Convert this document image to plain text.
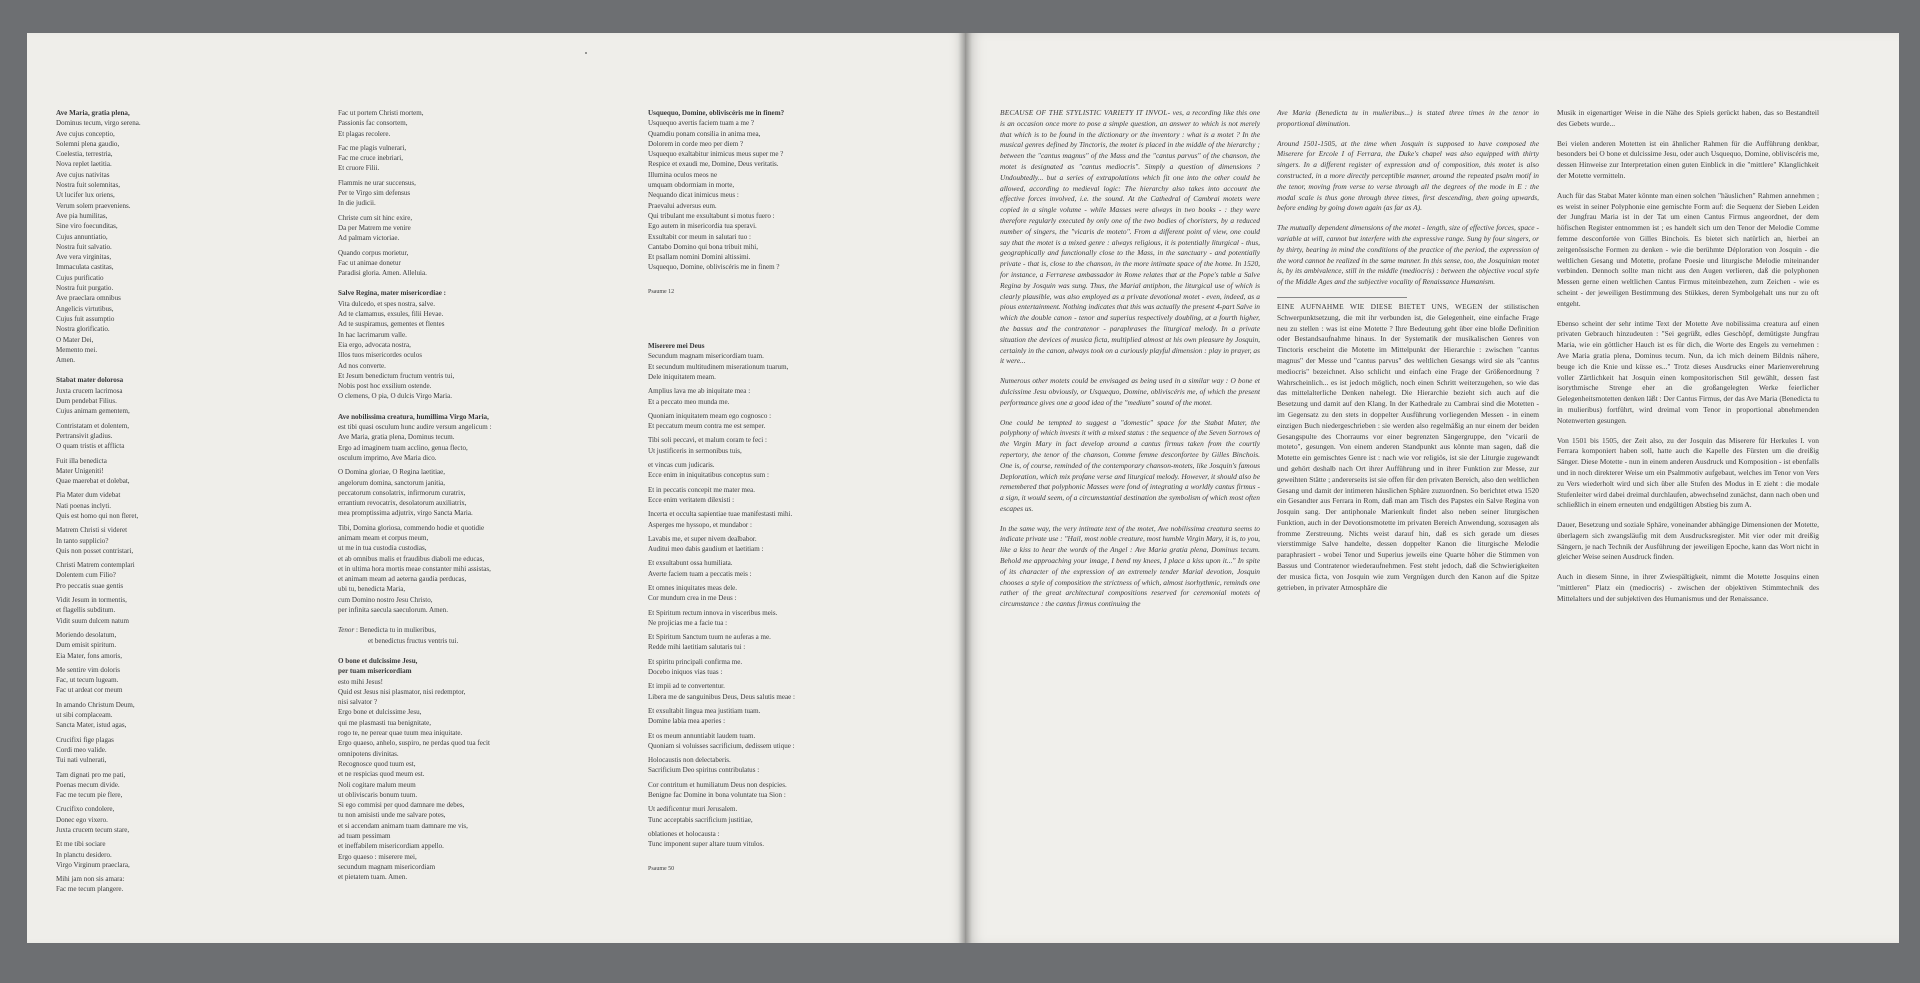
Ave Maria, gratia plena,

Dominus tecum, virgo serena.

Ave cujus conceptio,

Solemni plena gaudio,

Coelestia, terrestria,

Nova replet laetitia.

Ave cujus nativitas

Nostra fuit solemnitas,

Ut lucifer lux oriens,

Verum solem praeveniens.

Ave pia humilitas,

Sine viro foecunditas,

Cujus annuntiatio,

Nostra fuit salvatio.

Ave vera virginitas,

Immaculata castitas,

Cujus purificatio

Nostra fuit purgatio.

Ave praeclara omnibus

Angelicis virtutibus,

Cujus fuit assumptio

Nostra glorificatio.

O Mater Dei,

Memento mei.

Amen.

Stabat mater dolorosa

Juxta crucem lacrimosa

Dum pendebat Filius.

Cujus animam gementem,

Contristatam et dolentem,

Pertransivit gladius.

O quam tristis et afflicta

Fuit illa benedicta

Mater Unigeniti!

Quae maerebat et dolebat,

Pia Mater dum videbat

Nati poenas inclyti.

Quis est homo qui non fleret,

Matrem Christi si videret

In tanto supplicio?

Quis non posset contristari,

Christi Matrem contemplari

Dolentem cum Filio?

Pro peccatis suae gentis

Vidit Jesum in tormentis,

et flagellis subditum.

Vidit suum dulcem natum

Moriendo desolatum,

Dum emisit spiritum.

Eia Mater, fons amoris,

Me sentire vim doloris

Fac, ut tecum lugeam.

Fac ut ardeat cor meum

In amando Christum Deum,

ut sibi complaceam.

Sancta Mater, istud agas,

Crucifixi fige plagas

Cordi meo valide.

Tui nati vulnerati,

Tam dignati pro me pati,

Poenas mecum divide.

Fac me tecum pie flere,

Crucifixo condolere,

Donec ego vixero.

Juxta crucem tecum stare,

Et me tibi sociare

In planctu desidero.

Virgo Virginum praeclara,

Mihi jam non sis amara:

Fac me tecum plangere.

Fac ut portem Christi mortem,

Passionis fac consortem,

Et plagas recolere.

Fac me plagis vulnerari,

Fac me cruce inebriari,

Et cruore Filii.

Flammis ne urar succensus,

Per te Virgo sim defensus

In die judicii.

Christe cum sit hinc exire,

Da per Matrem me venire

Ad palmam victoriae.

Quando corpus morietur,

Fac ut animae donetur

Paradisi gloria. Amen. Alleluia.

Salve Regina, mater misericordiae :

Vita dulcedo, et spes nostra, salve.

Ad te clamamus, exsules, filii Hevae.

Ad te suspiramus, gementes et flentes

In hac lacrimarum valle.

Eia ergo, advocata nostra,

Illos tuos misericordes oculos

Ad nos converte.

Et Jesum benedictum fructum ventris tui,

Nobis post hoc exsilium ostende.

O clemens, O pia, O dulcis Virgo Maria.

Ave nobilissima creatura, humillima Virgo Maria,

est tibi quasi osculum hunc audire versum angelicum :

Ave Maria, gratia plena, Dominus tecum.

Ergo ad imaginem tuam acclino, genua flecto,

osculum imprimo, Ave Maria dico.

O Domina gloriae, O Regina laetitiae,

angelorum domina, sanctorum janitia,

peccatorum consolatrix, infirmorum curatrix,

errantium revocatrix, desolatorum auxiliatrix,

mea promptissima adjutrix, virgo Sancta Maria.

Tibi, Domina gloriosa, commendo hodie et quotidie

animam meam et corpus meum,

ut me in tua custodia custodias,

et ab omnibus malis et fraudibus diaboli me educas,

et in ultima hora mortis meae constanter mihi assistas,

et animam meam ad aeterna gaudia perducas,

ubi tu, benedicta Maria,

cum Domino nostro Jesu Christo,

per infinita saecula saeculorum. Amen.

Tenor : Benedicta tu in mulieribus,

et benedictus fructus ventris tui.

O bone et dulcissime Jesu,
per tuam misericordiam

esto mihi Jesus!

Quid est Jesus nisi plasmator, nisi redemptor,

nisi salvator ?

Ergo bone et dulcissime Jesu,

qui me plasmasti tua benignitate,

rogo te, ne perear quae tuum mea iniquitate.

Ergo quaeso, anhelo, suspiro, ne perdas quod tua fecit

omnipotens divinitas.

Recognosce quod tuum est,

et ne respicias quod meum est.

Noli cogitare malum meum

ut obliviscaris bonum tuum.

Si ego commisi per quod damnare me debes,

tu non amisisti unde me salvare potes,

et si accendam animam tuam damnare me vis,

ad tuam pessimam

et ineffabilem misericordiam appello.

Ergo quaeso : miserere mei,

secundum magnam misericordiam

et pietatem tuam. Amen.

Usquequo, Domine, obliviscéris me in finem?

Usquequo avertis faciem tuam a me ?

Quamdiu ponam consilia in anima mea,

Dolorem in corde meo per diem ?

Usquequo exaltabitur inimicus meus super me ?

Respice et exaudi me, Domine, Deus veritatis.

Illumina oculos meos ne

umquam obdormiam in morte,

Nequando dicat inimicus meus :

Praevalui adversus eum.

Qui tribulant me exsultabunt si motus fuero :

Ego autem in misericordia tua speravi.

Exsultabit cor meum in salutari tuo :

Cantabo Domino qui bona tribuit mihi,

Et psallam nomini Domini altissimi.

Usquequo, Domine, obliviscéris me in finem ?

Psaume 12

Miserere mei Deus

Secundum magnam misericordiam tuam.

Et secundum multitudinem miserationum tuarum,

Dele iniquitatem meam.

Amplius lava me ab iniquitate mea :

Et a peccato meo munda me.

Quoniam iniquitatem meam ego cognosco :

Et peccatum meum contra me est semper.

Tibi soli peccavi, et malum coram te feci :

Ut justificeris in sermonibus tuis,

et vincas cum judicaris.

Ecce enim in iniquitatibus conceptus sum :

Et in peccatis concepit me mater mea.

Ecce enim veritatem dilexisti :

Incerta et occulta sapientiae tuae manifestasti mihi.

Asperges me hyssopo, et mundabor :

Lavabis me, et super nivem dealbabor.

Auditui meo dabis gaudium et laetitiam :

Et exsultabunt ossa humiliata.

Averte faciem tuam a peccatis meis :

Et omnes iniquitates meas dele.

Cor mundum crea in me Deus :

Et Spiritum rectum innova in visceribus meis.

Ne projicias me a facie tua :

Et Spiritum Sanctum tuum ne auferas a me.

Redde mihi laetitiam salutaris tui :

Et spiritu principali confirma me.

Docebo iniquos vias tuas :

Et impii ad te convertentur.

Libera me de sanguinibus Deus, Deus salutis meae :

Et exsultabit lingua mea justitiam tuam.

Domine labia mea aperies :

Et os meum annuntiabit laudem tuam.

Quoniam si voluisses sacrificium, dedissem utique :

Holocaustis non delectaberis.

Sacrificium Deo spiritus contribulatus :

Cor contritum et humiliatum Deus non despicies.

Benigne fac Domine in bona voluntate tua Sion :

Ut aedificentur muri Jerusalem.

Tunc acceptabis sacrificium justitiae,

oblationes et holocausta :

Tunc imponent super altare tuum vitulos.

Psaume 50

BECAUSE OF THE STYLISTIC VARIETY IT INVOL- ves, a recording like this one is an occasion once more to pose a simple question, an answer to which is not merely that which is to be found in the dictionary or the inventory : what is a motet ? In the musical genres defined by Tinctoris, the motet is placed in the middle of the hierarchy ; between the "cantus magnus" of the Mass and the "cantus parvus" of the chanson, the motet is designated as "cantus mediocris". Simply a question of dimensions ? Undoubtedly... but a series of extrapolations which fit one into the other could be allowed, according to medieval logic: The hierarchy also takes into account the effective forces involved, i.e. the sound. At the Cathedral of Cambrai motets were copied in a single volume - while Masses were always in two books - : they were therefore regularly executed by only one of the two bodies of choristers, by a reduced number of singers, the "vicaris de moteto". From a different point of view, one could say that the motet is a mixed genre : always religious, it is potentially liturgical - thus, geographically and functionally close to the Mass, in the sanctuary - and potentially private - that is, close to the chanson, in the more intimate space of the home. In 1520, for instance, a Ferrarese ambassador in Rome relates that at the Pope's table a Salve Regina by Josquin was sung. Thus, the Marial antiphon, the liturgical use of which is clearly plausible, was also employed as a private devotional motet - even, indeed, as a pious entertainment. Nothing indicates that this was actually the present 4-part Salve in which the double canon - tenor and superius respectively doubling, at a fourth higher, the bassus and the contratenor - paraphrases the liturgical melody. In a private situation the devices of musica ficta, multiplied almost at his own pleasure by Josquin, certainly in the canon, always took on a curiously playful dimension : play in prayer, as it were...

Numerous other motets could be envisaged as being used in a similar way : O bone et dulcissime Jesu obviously, or Usquequo, Domine, obliviscéris me, of which the present performance gives one a good idea of the "medium" sound of the motet.

One could be tempted to suggest a "domestic" space for the Stabat Mater, the polyphony of which invests it with a mixed status : the sequence of the Seven Sorrows of the Virgin Mary in fact develop around a cantus firmus taken from the courtly repertory, the tenor of the chanson, Comme femme desconfortee by Gilles Binchois. One is, of course, reminded of the contemporary chanson-motets, like Josquin's famous Deploration, which mix profane verse and liturgical melody. However, it should also be remembered that polyphonic Masses were fond of integrating a worldly cantus firmus - a sign, it would seem, of a circumstantial destination the symbolism of which most often escapes us.

In the same way, the very intimate text of the motet, Ave nobilissima creatura seems to indicate private use : "Hail, most noble creature, most humble Virgin Mary, it is, to you, like a kiss to hear the words of the Angel : Ave Maria gratia plena, Dominus tecum. Behold me approaching your image, I bend my knees, I place a kiss upon it..." In spite of its character of the expression of an extremely tender Marial devotion, Josquin chooses a style of composition the strictness of which, almost isorhythmic, reminds one rather of the great architectural compositions reserved for ceremonial motets of circumstance : the cantus firmus continuing the

Ave Maria (Benedicta tu in mulieribus...) is stated three times in the tenor in proportional diminution.

Around 1501-1505, at the time when Josquin is supposed to have composed the Miserere for Ercole I of Ferrara, the Duke's chapel was also equipped with thirty singers. In a different register of expression and of composition, this motet is also constructed, in a more directly perceptible manner, around the repeated psalm motif in the tenor, moving from verse to verse through all the degrees of the mode in E : the modal scale is thus gone through three times, first descending, then going upwards, before ending by going down again (as far as A).

The mutually dependent dimensions of the motet - length, size of effective forces, space - variable at will, cannot but interfere with the expressive range. Sung by four singers, or by thirty, bearing in mind the conditions of the practice of the period, the expression of the word cannot be realized in the same manner. In this sense, too, the Josquinian motet is, by its ambivalence, still in the middle (mediocris) : between the objective vocal style of the Middle Ages and the subjective vocality of Renaissance Humanism.

EINE AUFNAHME WIE DIESE BIETET UNS, WEGEN der stilistischen Schwerpunktsetzung, die mit ihr verbunden ist, die Gelegenheit, eine einfache Frage neu zu stellen : was ist eine Motette ? Ihre Bedeutung geht über eine bloße Definition oder Bestandsaufnahme hinaus. In der Systematik der musikalischen Genres von Tinctoris erscheint die Motette im Mittelpunkt der Hierarchie : zwischen "cantus magnus" der Messe und "cantus parvus" des weltlichen Gesangs wird sie als "cantus mediocris" bezeichnet. Also schlicht und einfach eine Frage der Größenordnung ? Wahrscheinlich... es ist jedoch möglich, noch einen Schritt weiterzugehen, so wie das das mittelalterliche Denken nahelegt. Die Hierarchie bezieht sich auch auf die Besetzung und damit auf den Klang. In der Kathedrale zu Cambrai sind die Motetten - im Gegensatz zu den stets in doppelter Ausführung vorliegenden Messen - in einem einzigen Buch niedergeschrieben : sie werden also regelmäßig an nur einem der beiden Gesangspulte des Chorraums vor einer begrenzten Sängergruppe, den "vicarii de moteto", gesungen. Von einem anderen Standpunkt aus könnte man sagen, daß die Motette ein gemischtes Genre ist : nach wie vor religiös, ist sie der Liturgie zugewandt und gehört deshalb nach Ort ihrer Aufführung und in ihrer Funktion zur Messe, zur geweihten Stätte ; andererseits ist sie offen für den privaten Bereich, also den weltlichen Gesang und damit der intimeren häuslichen Sphäre zuzuordnen. So berichtet etwa 1520 ein Gesandter aus Ferrara in Rom, daß man am Tisch des Papstes ein Salve Regina von Josquin sang. Der antiphonale Marienkult findet also neben seiner liturgischen Funktion, auch in der Devotionsmotette im privaten Bereich Anwendung, sozusagen als fromme Zerstreuung. Nichts weist darauf hin, daß es sich gerade um dieses vierstimmige Salve handelte, dessen doppelter Kanon die liturgische Melodie paraphrasiert - wobei Tenor und Superius jeweils eine Quarte höher die Stimmen von Bassus und Contratenor wiederaufnehmen. Fest steht jedoch, daß die Schwierigkeiten der musica ficta, von Josquin wie zum Vergnügen durch den Kanon auf die Spitze getrieben, in privater Atmosphäre die

Musik in eigenartiger Weise in die Nähe des Spiels gerückt haben, das so Bestandteil des Gebets wurde...

Bei vielen anderen Motetten ist ein ähnlicher Rahmen für die Aufführung denkbar, besonders bei O bone et dulcissime Jesu, oder auch Usquequo, Domine, obliviscéris me, dessen Hinweise zur Interpretation einen guten Einblick in die "mittlere" Klanglichkeit der Motette vermitteln.

Auch für das Stabat Mater könnte man einen solchen "häuslichen" Rahmen annehmen ; es weist in seiner Polyphonie eine gemischte Form auf: die Sequenz der Sieben Leiden der Jungfrau Maria ist in der Tat um einen Cantus Firmus angeordnet, der dem höfischen Register entnommen ist ; es handelt sich um den Tenor der Melodie Comme femme desconfortée von Gilles Binchois. Es bietet sich natürlich an, hierbei an zeitgenössische Formen zu denken - wie die berühmte Déploration von Josquin - die weltlichen Gesang und Motette, profane Poesie und liturgische Melodie miteinander verbinden. Dennoch sollte man nicht aus den Augen verlieren, daß die polyphonen Messen gerne einen weltlichen Cantus Firmus miteinbezehen, zum Zeichen - wie es scheint - der jeweiligen Bestimmung des Stükkes, deren Symbolgehalt uns nur zu oft entgeht.

Ebenso scheint der sehr intime Text der Motette Ave nobilissima creatura auf einen privaten Gebrauch hinzudeuten : "Sei gegrüßt, edles Geschöpf, demütigste Jungfrau Maria, wie ein göttlicher Hauch ist es für dich, die Worte des Engels zu vernehmen : Ave Maria gratia plena, Dominus tecum. Nun, da ich mich deinem Bildnis nähere, beuge ich die Knie und küsse es..." Trotz dieses Ausdrucks einer Marienverehrung voller Zärtlichkeit hat Josquin einen kompositorischen Stil gewählt, dessen fast isorythmische Strenge eher an die großangelegten Werke feierlicher Gelegenheitsmotetten denken läßt : Der Cantus Firmus, der das Ave Maria (Benedicta tu in mulieribus) fortführt, wird dreimal vom Tenor in proportional abnehmenden Notenwerten gesungen.

Von 1501 bis 1505, der Zeit also, zu der Josquin das Miserere für Herkules I. von Ferrara komponiert haben soll, hatte auch die Kapelle des Fürsten um die dreißig Sänger. Diese Motette - nun in einem anderen Ausdruck und Komposition - ist ebenfalls und in noch direkterer Weise um ein Psalmmotiv aufgebaut, welches im Tenor von Vers zu Vers wiederholt wird und sich über alle Stufen des Modus in E zieht : die modale Stufenleiter wird dabei dreimal durchlaufen, abwechselnd zunächst, dann nach oben und schließlich in einem erneuten und endgültigen Abstieg bis zum A.

Dauer, Besetzung und soziale Sphäre, voneinander abhängige Dimensionen der Motette, überlagern sich zwangsläufig mit dem Ausdrucksregister. Mit vier oder mit dreißig Sängern, je nach Technik der Ausführung der jeweiligen Epoche, kann das Wort nicht in gleicher Weise seinen Ausdruck finden.

Auch in diesem Sinne, in ihrer Zwiespältigkeit, nimmt die Motette Josquins einen "mittleren" Platz ein (mediocris) - zwischen der objektiven Stimmtechnik des Mittelalters und der subjektiven des Humanismus und der Renaissance.
